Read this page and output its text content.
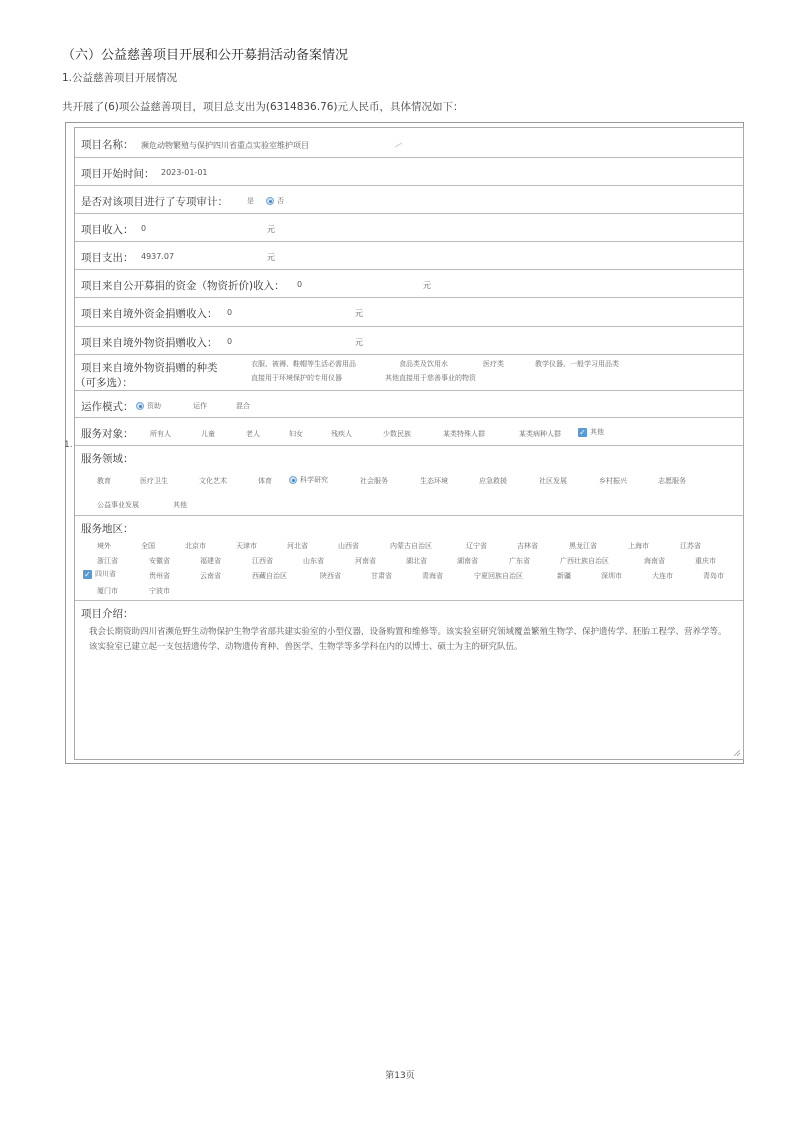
（六）公益慈善项目开展和公开募捐活动备案情况
1.公益慈善项目开展情况
共开展了(6)项公益慈善项目，项目总支出为(6314836.76)元人民币，具体情况如下：
1.
项目名称： 濒危动物繁殖与保护四川省重点实验室维护项目
项目开始时间： 2023-01-01
是否对该项目进行了专项审计：	是	否
项目收入： 0	元
项目支出： 4937.07	元
项目来自公开募捐的资金（物资折价)收入： 0	元
项目来自境外资金捐赠收入： 0	元
项目来自境外物资捐赠收入： 0	元
项目来自境外物资捐赠的种类
（可多选）：
衣服、被褥、鞋帽等生活必需用品	食品类及饮用水	医疗类	教学仪器、一般学习用品类
直接用于环境保护的专用仪器	其他直接用于慈善事业的物资
运作模式：	资助	运作	混合
服务对象： 所有人	儿童	老人	妇女	残疾人	少数民族	某类特殊人群	某类病种人群 ✓ 其他
服务领域：
教育	医疗卫生	文化艺术	体育	科学研究	社会服务	生态环境	应急救援	社区发展	乡村振兴	志愿服务
公益事业发展	其他
服务地区：
境外	全国	北京市	天津市	河北省	山西省	内蒙古自治区	辽宁省	吉林省	黑龙江省	上海市	江苏省
浙江省	安徽省	福建省	江西省	山东省	河南省	湖北省	湖南省	广东省	广西壮族自治区	海南省	重庆市
✓ 四川省	贵州省	云南省	西藏自治区	陕西省	甘肃省	青海省	宁夏回族自治区	新疆	深圳市	大连市	青岛市
厦门市	宁波市
项目介绍：
我会长期资助四川省濒危野生动物保护生物学省部共建实验室的小型仪器，设备购置和维修等。该实验室研究领域覆盖繁殖生物学、保护遗传学、胚胎工程学、营养学等。该实验室已建立起一支包括遗传学、动物遗传育种、兽医学、生物学等多学科在内的以博士、硕士为主的研究队伍。
第13页
